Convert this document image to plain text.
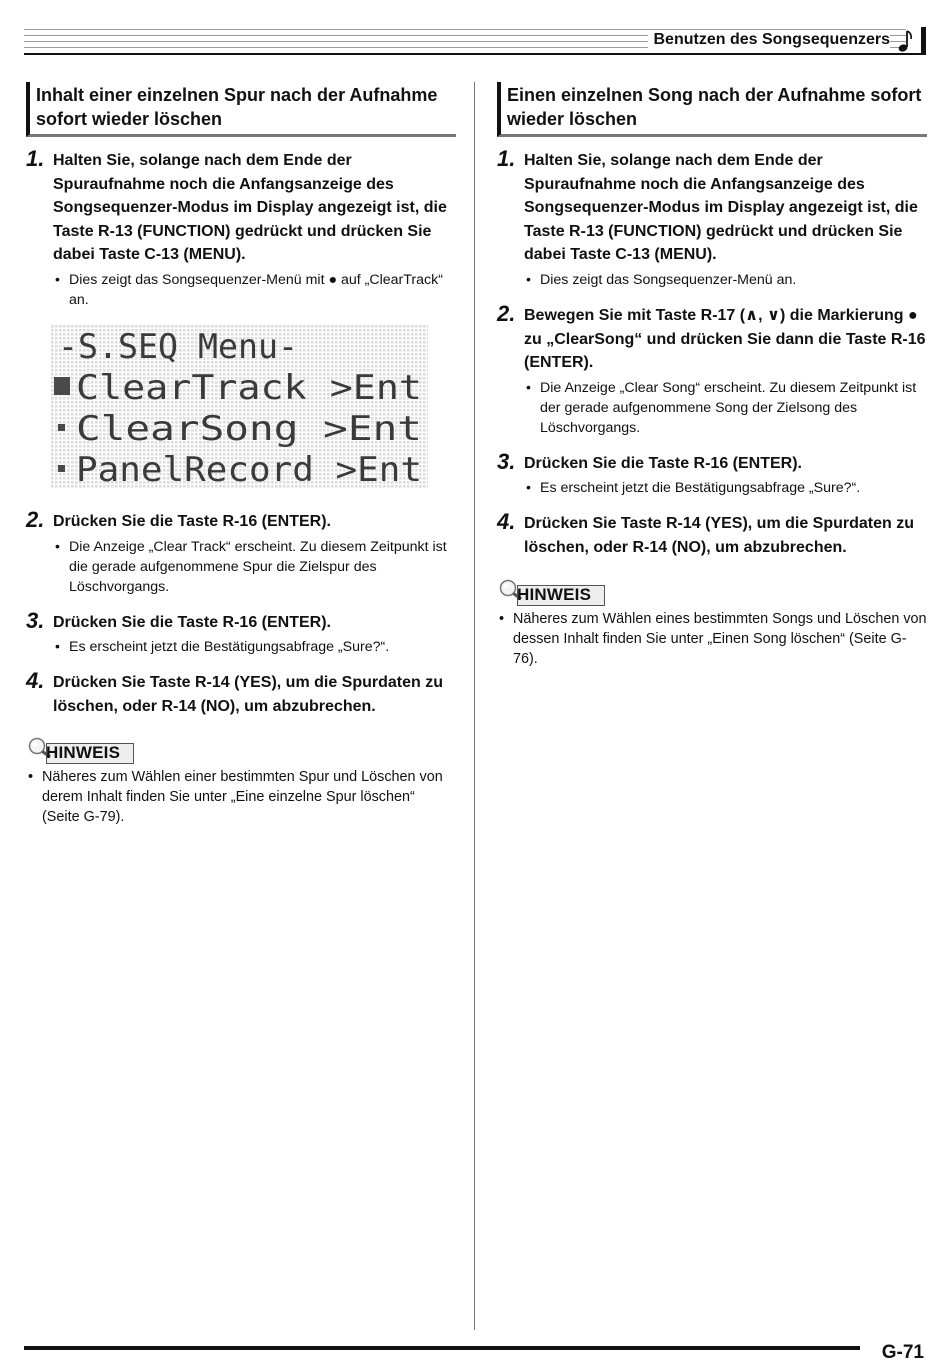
Benutzen des Songsequenzers
Inhalt einer einzelnen Spur nach der Aufnahme sofort wieder löschen
1. Halten Sie, solange nach dem Ende der Spuraufnahme noch die Anfangsanzeige des Songsequenzer-Modus im Display angezeigt ist, die Taste R-13 (FUNCTION) gedrückt und drücken Sie dabei Taste C-13 (MENU).
• Dies zeigt das Songsequenzer-Menü mit ● auf „ClearTrack“ an.
-S.SEQ Menu-
ClearTrack >Ent
ClearSong >Ent
PanelRecord >Ent
2. Drücken Sie die Taste R-16 (ENTER).
• Die Anzeige „Clear Track“ erscheint. Zu diesem Zeitpunkt ist die gerade aufgenommene Spur die Zielspur des Löschvorgangs.
3. Drücken Sie die Taste R-16 (ENTER).
• Es erscheint jetzt die Bestätigungsabfrage „Sure?“.
4. Drücken Sie Taste R-14 (YES), um die Spurdaten zu löschen, oder R-14 (NO), um abzubrechen.
HINWEIS
• Näheres zum Wählen einer bestimmten Spur und Löschen von derem Inhalt finden Sie unter „Eine einzelne Spur löschen“ (Seite G-79).
Einen einzelnen Song nach der Aufnahme sofort wieder löschen
1. Halten Sie, solange nach dem Ende der Spuraufnahme noch die Anfangsanzeige des Songsequenzer-Modus im Display angezeigt ist, die Taste R-13 (FUNCTION) gedrückt und drücken Sie dabei Taste C-13 (MENU).
• Dies zeigt das Songsequenzer-Menü an.
2. Bewegen Sie mit Taste R-17 (∧, ∨) die Markierung ● zu „ClearSong“ und drücken Sie dann die Taste R-16 (ENTER).
• Die Anzeige „Clear Song“ erscheint. Zu diesem Zeitpunkt ist der gerade aufgenommene Song der Zielsong des Löschvorgangs.
3. Drücken Sie die Taste R-16 (ENTER).
• Es erscheint jetzt die Bestätigungsabfrage „Sure?“.
4. Drücken Sie Taste R-14 (YES), um die Spurdaten zu löschen, oder R-14 (NO), um abzubrechen.
HINWEIS
• Näheres zum Wählen eines bestimmten Songs und Löschen von dessen Inhalt finden Sie unter „Einen Song löschen“ (Seite G-76).
G-71
